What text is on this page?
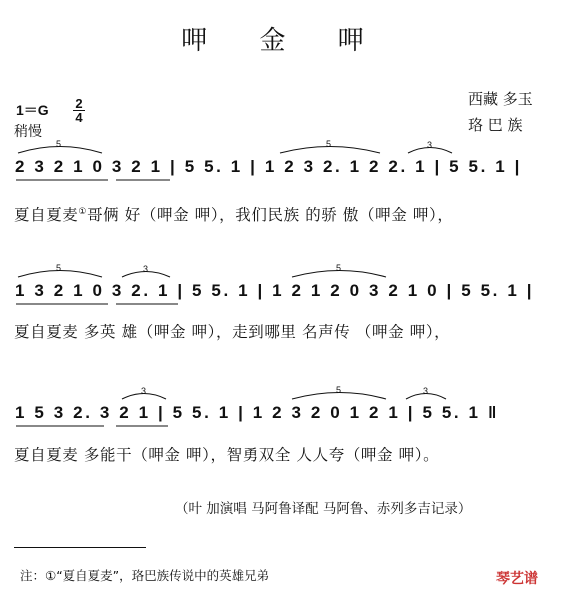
呷 金 呷
西藏 多玉
珞 巴 族
1＝G 2
4
稍慢
2 3 2 1 0 3 2 1 | 5 5. 1 | 1 2 3 2. 1 2 2. 1 | 5 5. 1 |
夏自夏麦①哥俩 好（呷金 呷），我们民族 的骄 傲（呷金 呷），
1 3 2 1 0 3 2. 1 | 5 5. 1 | 1 2 1 2 0 3 2 1 0 | 5 5. 1 |
夏自夏麦 多英 雄（呷金 呷），走到哪里 名声传 （呷金 呷），
1 5 3 2. 3 2 1 | 5 5. 1 | 1 2 3 2 0 1 2 1 | 5 5. 1 ‖
夏自夏麦 多能干（呷金 呷），智勇双全 人人夸（呷金 呷）。
5	5	3
5	3	5
3	5	3
（叶 加演唱 马阿鲁译配 马阿鲁、赤列多吉记录）
注：①“夏自夏麦”，珞巴族传说中的英雄兄弟	琴艺谱
